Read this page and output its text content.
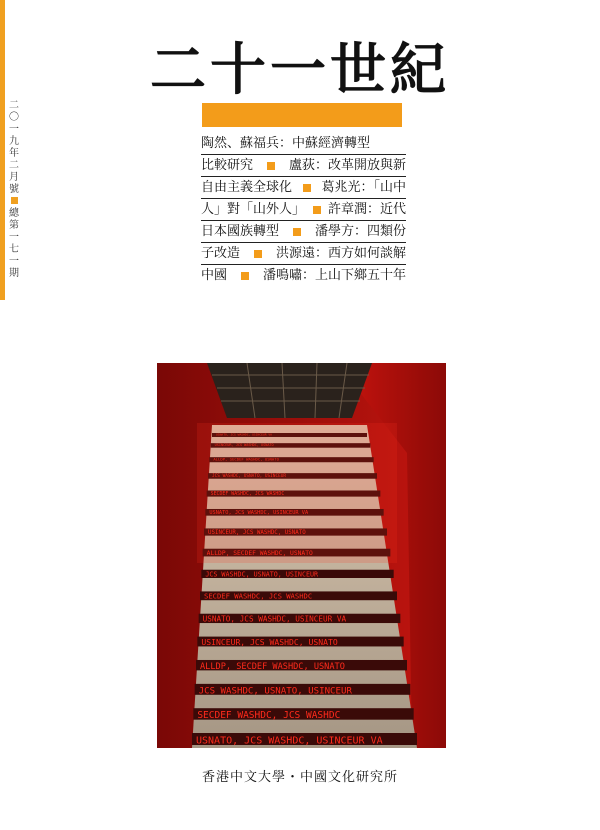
二〇一九年二月號
總第一七一期
二十一世紀
陶然、蘇福兵：中蘇經濟轉型
比較研究	盧荻：改革開放與新
自由主義全球化 葛兆光：「山中
人」對「山外人」 許章潤：近代
日本國族轉型	潘學方：四類份
子改造	洪源遠：西方如何談解
中國	潘鳴嘯：上山下鄉五十年
USNATO, JCS WASHDC, USINCEUR VA
USINCEUR, JCS WASHDC, USNATO
ALLDP, SECDEF WASHDC, USNATO
JCS WASHDC, USNATO, USINCEUR
SECDEF WASHDC, JCS WASHDC
USNATO, JCS WASHDC, USINCEUR VA
USINCEUR, JCS WASHDC, USNATO
ALLDP, SECDEF WASHDC, USNATO
JCS WASHDC, USNATO, USINCEUR
SECDEF WASHDC, JCS WASHDC
USNATO, JCS WASHDC, USINCEUR VA
USINCEUR, JCS WASHDC, USNATO
ALLDP, SECDEF WASHDC, USNATO
JCS WASHDC, USNATO, USINCEUR
SECDEF WASHDC, JCS WASHDC
USNATO, JCS WASHDC, USINCEUR VA
香港中文大學・中國文化研究所
